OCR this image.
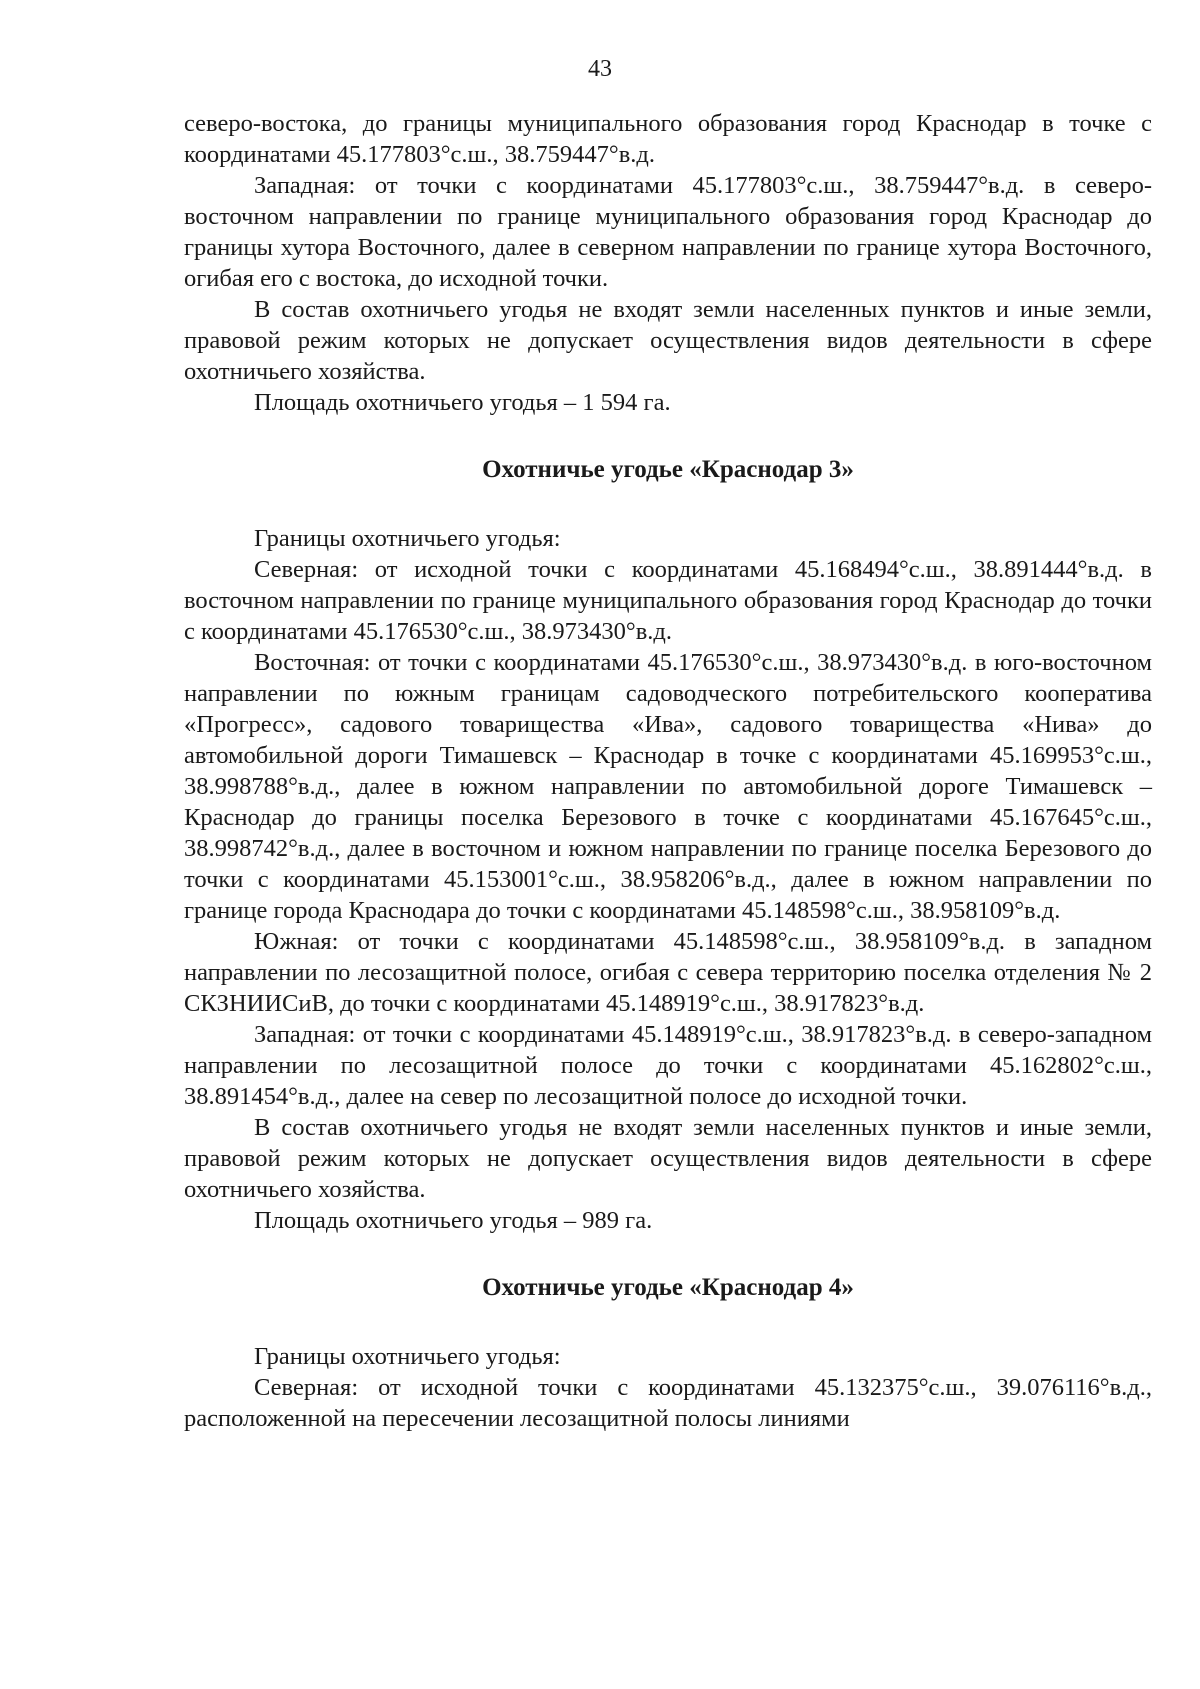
43

северо-востока, до границы муниципального образования город Краснодар в точке с координатами 45.177803°с.ш., 38.759447°в.д.

Западная: от точки с координатами 45.177803°с.ш., 38.759447°в.д. в северо-восточном направлении по границе муниципального образования город Краснодар до границы хутора Восточного, далее в северном направлении по границе хутора Восточного, огибая его с востока, до исходной точки.

В состав охотничьего угодья не входят земли населенных пунктов и иные земли, правовой режим которых не допускает осуществления видов деятельности в сфере охотничьего хозяйства.

Площадь охотничьего угодья – 1 594 га.

Охотничье угодье «Краснодар 3»

Границы охотничьего угодья:

Северная: от исходной точки с координатами 45.168494°с.ш., 38.891444°в.д. в восточном направлении по границе муниципального образования город Краснодар до точки с координатами 45.176530°с.ш., 38.973430°в.д.

Восточная: от точки с координатами 45.176530°с.ш., 38.973430°в.д. в юго-восточном направлении по южным границам садоводческого потребительского кооператива «Прогресс», садового товарищества «Ива», садового товарищества «Нива» до автомобильной дороги Тимашевск – Краснодар в точке с координатами 45.169953°с.ш., 38.998788°в.д., далее в южном направлении по автомобильной дороге Тимашевск – Краснодар до границы поселка Березового в точке с координатами 45.167645°с.ш., 38.998742°в.д., далее в восточном и южном направлении по границе поселка Березового до точки с координатами 45.153001°с.ш., 38.958206°в.д., далее в южном направлении по границе города Краснодара до точки с координатами 45.148598°с.ш., 38.958109°в.д.

Южная: от точки с координатами 45.148598°с.ш., 38.958109°в.д. в западном направлении по лесозащитной полосе, огибая с севера территорию поселка отделения № 2 СКЗНИИСиВ, до точки с координатами 45.148919°с.ш., 38.917823°в.д.

Западная: от точки с координатами 45.148919°с.ш., 38.917823°в.д. в северо-западном направлении по лесозащитной полосе до точки с координатами 45.162802°с.ш., 38.891454°в.д., далее на север по лесозащитной полосе до исходной точки.

В состав охотничьего угодья не входят земли населенных пунктов и иные земли, правовой режим которых не допускает осуществления видов деятельности в сфере охотничьего хозяйства.

Площадь охотничьего угодья – 989 га.

Охотничье угодье «Краснодар 4»

Границы охотничьего угодья:

Северная: от исходной точки с координатами 45.132375°с.ш., 39.076116°в.д., расположенной на пересечении лесозащитной полосы линиями
